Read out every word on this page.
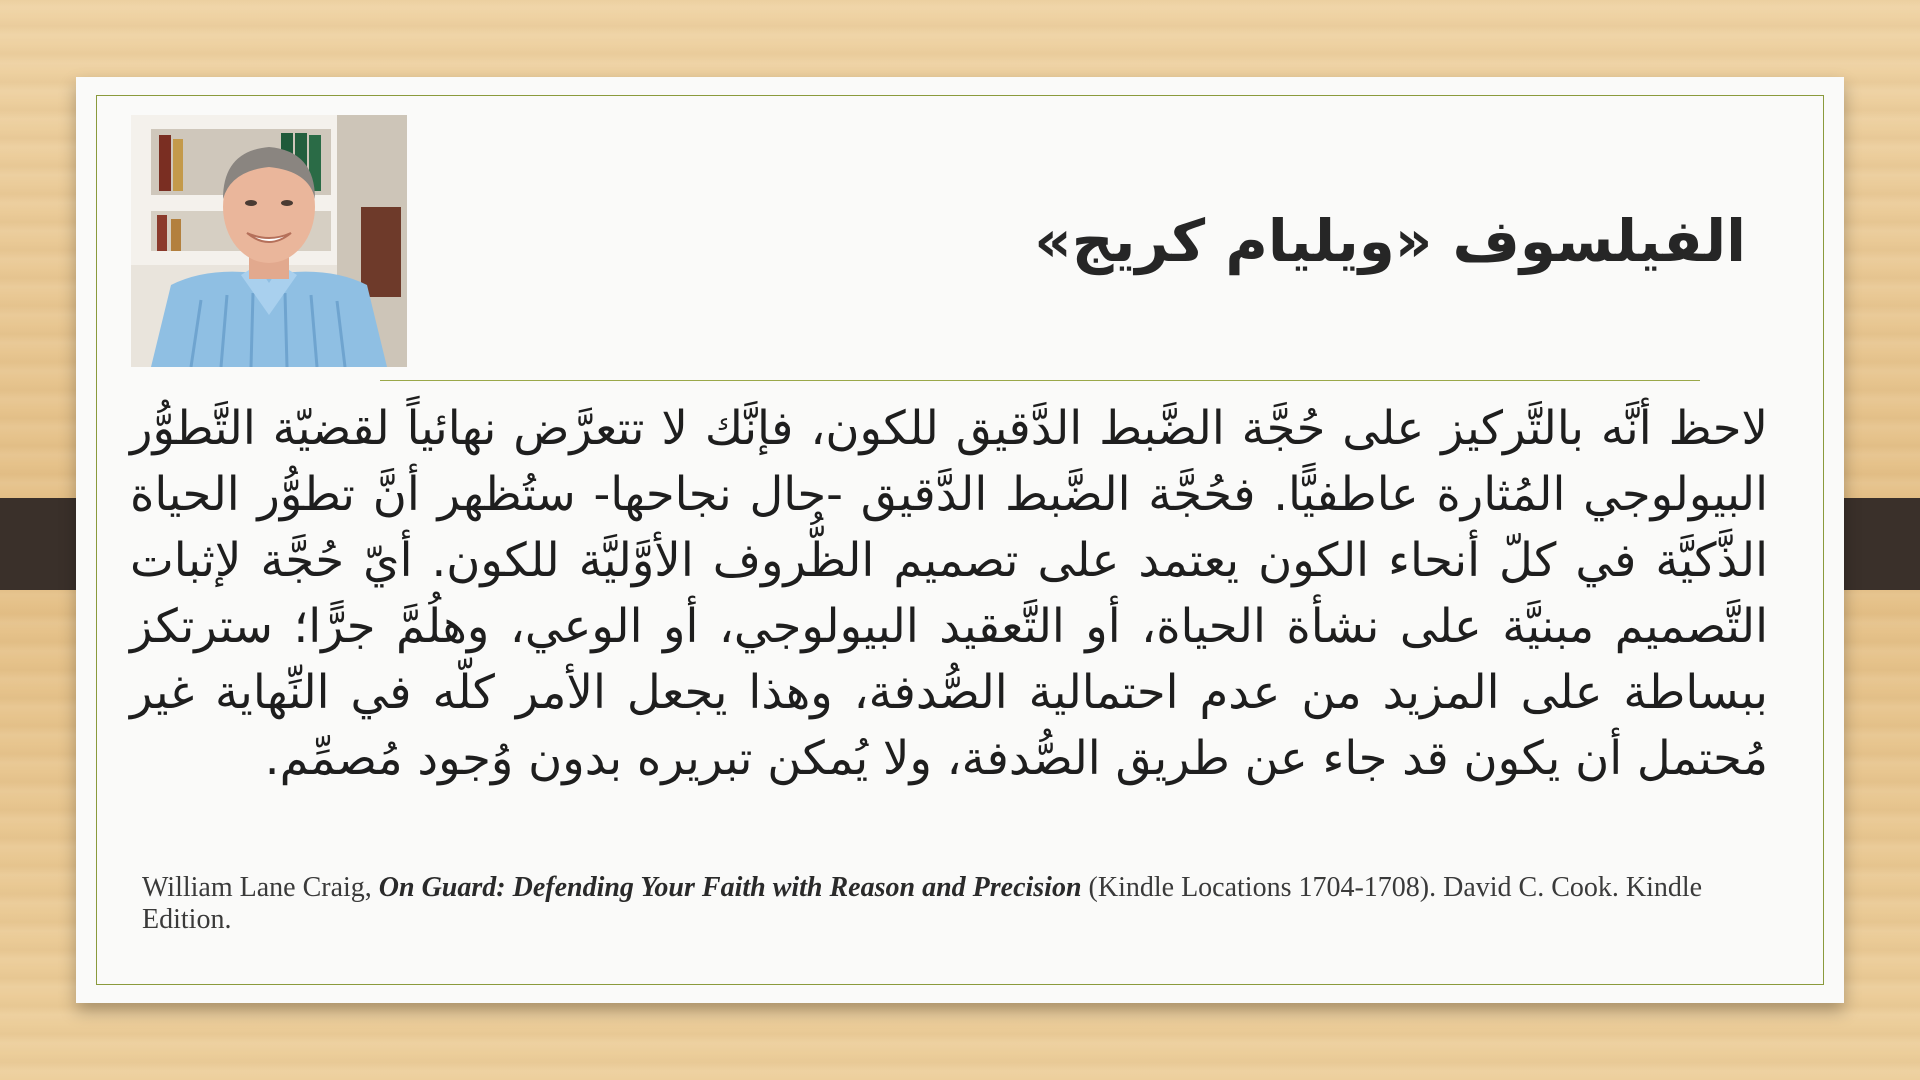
الفيلسوف «ويليام كريج»

لاحظ أنَّه بالتَّركيز على حُجَّة الضَّبط الدَّقيق للكون، فإنَّك لا تتعرَّض نهائياً لقضيّة التَّطوُّر البيولوجي المُثارة عاطفيًّا. فحُجَّة الضَّبط الدَّقيق -حال نجاحها- ستُظهر أنَّ تطوُّر الحياة الذَّكيَّة في كلّ أنحاء الكون يعتمد على تصميم الظُّروف الأوَّليَّة للكون. أيّ حُجَّة لإثبات التَّصميم مبنيَّة على نشأة الحياة، أو التَّعقيد البيولوجي، أو الوعي، وهلُمَّ جرًّا؛ سترتكز ببساطة على المزيد من عدم احتمالية الصُّدفة، وهذا يجعل الأمر كلّه في النِّهاية غير مُحتمل أن يكون قد جاء عن طريق الصُّدفة، ولا يُمكن تبريره بدون وُجود مُصمِّم.

William Lane Craig, On Guard: Defending Your Faith with Reason and Precision (Kindle Locations 1704-1708). David C. Cook. Kindle Edition.
